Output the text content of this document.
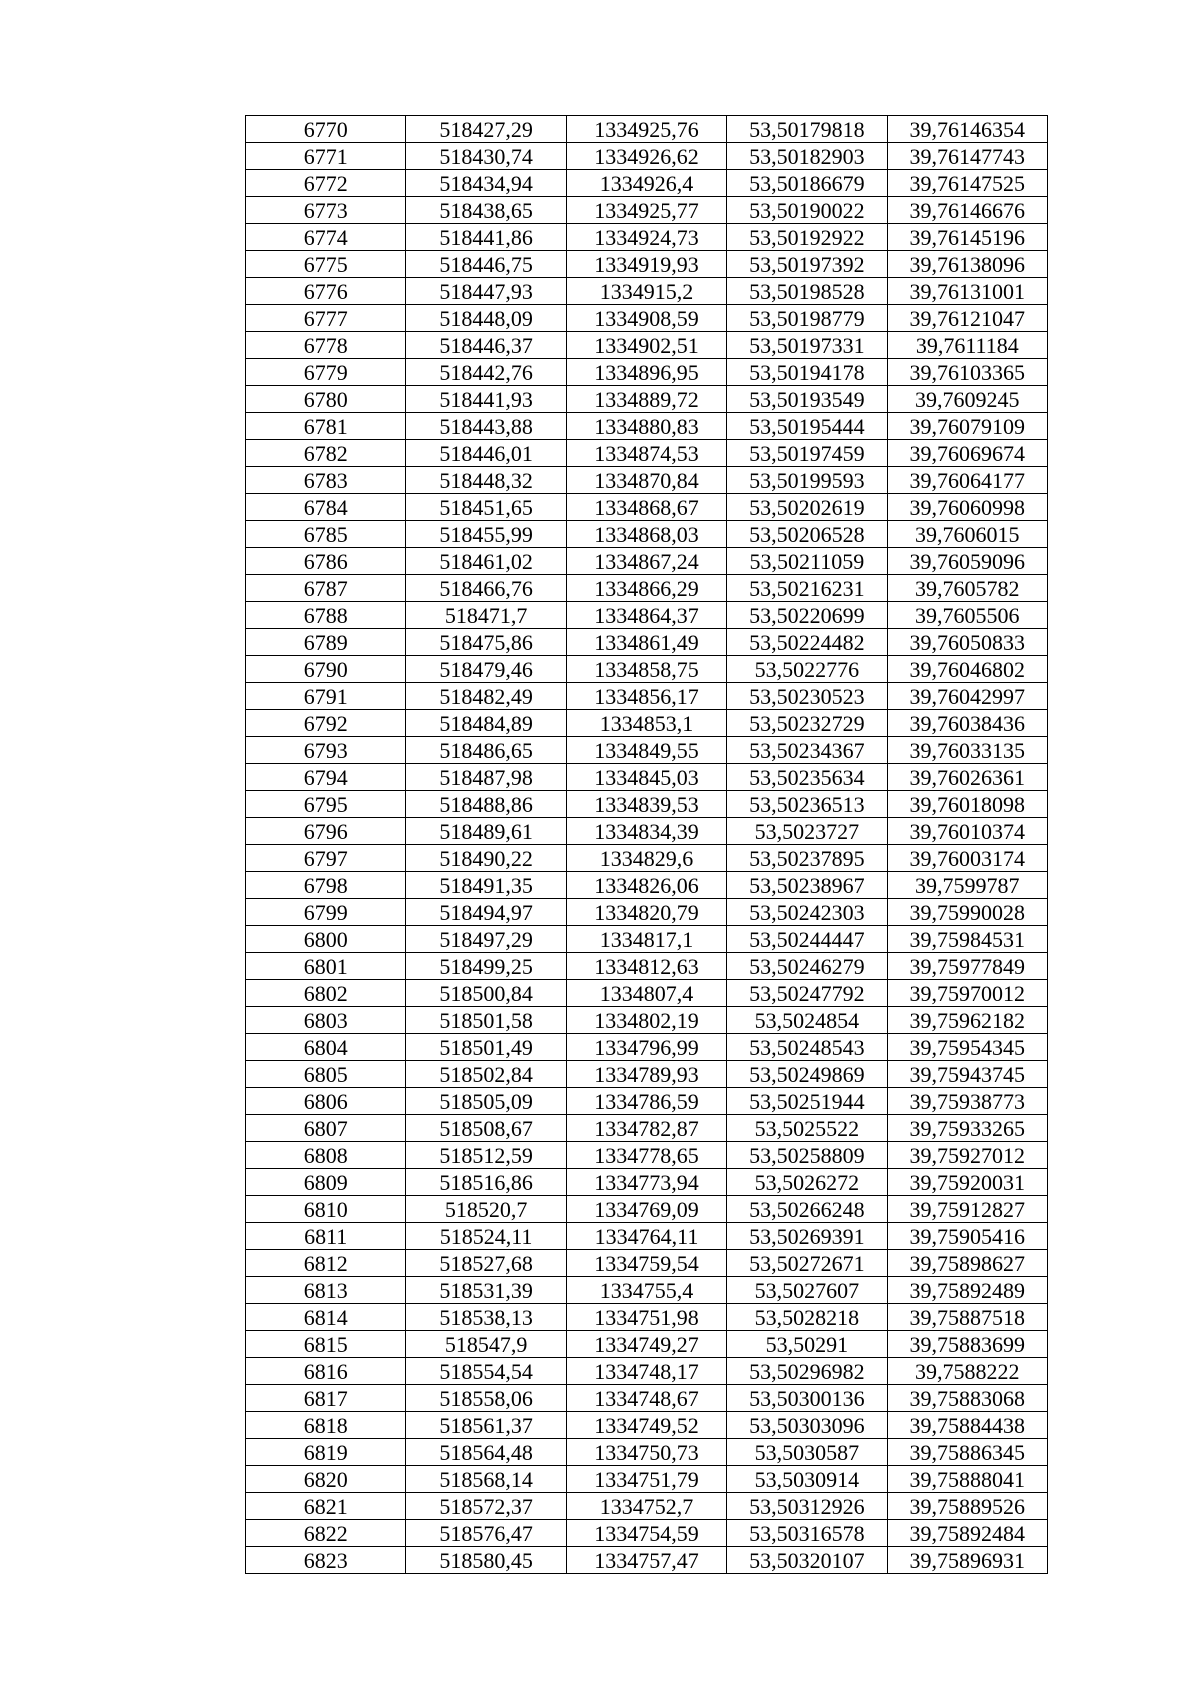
6770	518427,29	1334925,76	53,50179818	39,76146354
6771	518430,74	1334926,62	53,50182903	39,76147743
6772	518434,94	1334926,4	53,50186679	39,76147525
6773	518438,65	1334925,77	53,50190022	39,76146676
6774	518441,86	1334924,73	53,50192922	39,76145196
6775	518446,75	1334919,93	53,50197392	39,76138096
6776	518447,93	1334915,2	53,50198528	39,76131001
6777	518448,09	1334908,59	53,50198779	39,76121047
6778	518446,37	1334902,51	53,50197331	39,7611184
6779	518442,76	1334896,95	53,50194178	39,76103365
6780	518441,93	1334889,72	53,50193549	39,7609245
6781	518443,88	1334880,83	53,50195444	39,76079109
6782	518446,01	1334874,53	53,50197459	39,76069674
6783	518448,32	1334870,84	53,50199593	39,76064177
6784	518451,65	1334868,67	53,50202619	39,76060998
6785	518455,99	1334868,03	53,50206528	39,7606015
6786	518461,02	1334867,24	53,50211059	39,76059096
6787	518466,76	1334866,29	53,50216231	39,7605782
6788	518471,7	1334864,37	53,50220699	39,7605506
6789	518475,86	1334861,49	53,50224482	39,76050833
6790	518479,46	1334858,75	53,5022776	39,76046802
6791	518482,49	1334856,17	53,50230523	39,76042997
6792	518484,89	1334853,1	53,50232729	39,76038436
6793	518486,65	1334849,55	53,50234367	39,76033135
6794	518487,98	1334845,03	53,50235634	39,76026361
6795	518488,86	1334839,53	53,50236513	39,76018098
6796	518489,61	1334834,39	53,5023727	39,76010374
6797	518490,22	1334829,6	53,50237895	39,76003174
6798	518491,35	1334826,06	53,50238967	39,7599787
6799	518494,97	1334820,79	53,50242303	39,75990028
6800	518497,29	1334817,1	53,50244447	39,75984531
6801	518499,25	1334812,63	53,50246279	39,75977849
6802	518500,84	1334807,4	53,50247792	39,75970012
6803	518501,58	1334802,19	53,5024854	39,75962182
6804	518501,49	1334796,99	53,50248543	39,75954345
6805	518502,84	1334789,93	53,50249869	39,75943745
6806	518505,09	1334786,59	53,50251944	39,75938773
6807	518508,67	1334782,87	53,5025522	39,75933265
6808	518512,59	1334778,65	53,50258809	39,75927012
6809	518516,86	1334773,94	53,5026272	39,75920031
6810	518520,7	1334769,09	53,50266248	39,75912827
6811	518524,11	1334764,11	53,50269391	39,75905416
6812	518527,68	1334759,54	53,50272671	39,75898627
6813	518531,39	1334755,4	53,5027607	39,75892489
6814	518538,13	1334751,98	53,5028218	39,75887518
6815	518547,9	1334749,27	53,50291	39,75883699
6816	518554,54	1334748,17	53,50296982	39,7588222
6817	518558,06	1334748,67	53,50300136	39,75883068
6818	518561,37	1334749,52	53,50303096	39,75884438
6819	518564,48	1334750,73	53,5030587	39,75886345
6820	518568,14	1334751,79	53,5030914	39,75888041
6821	518572,37	1334752,7	53,50312926	39,75889526
6822	518576,47	1334754,59	53,50316578	39,75892484
6823	518580,45	1334757,47	53,50320107	39,75896931
